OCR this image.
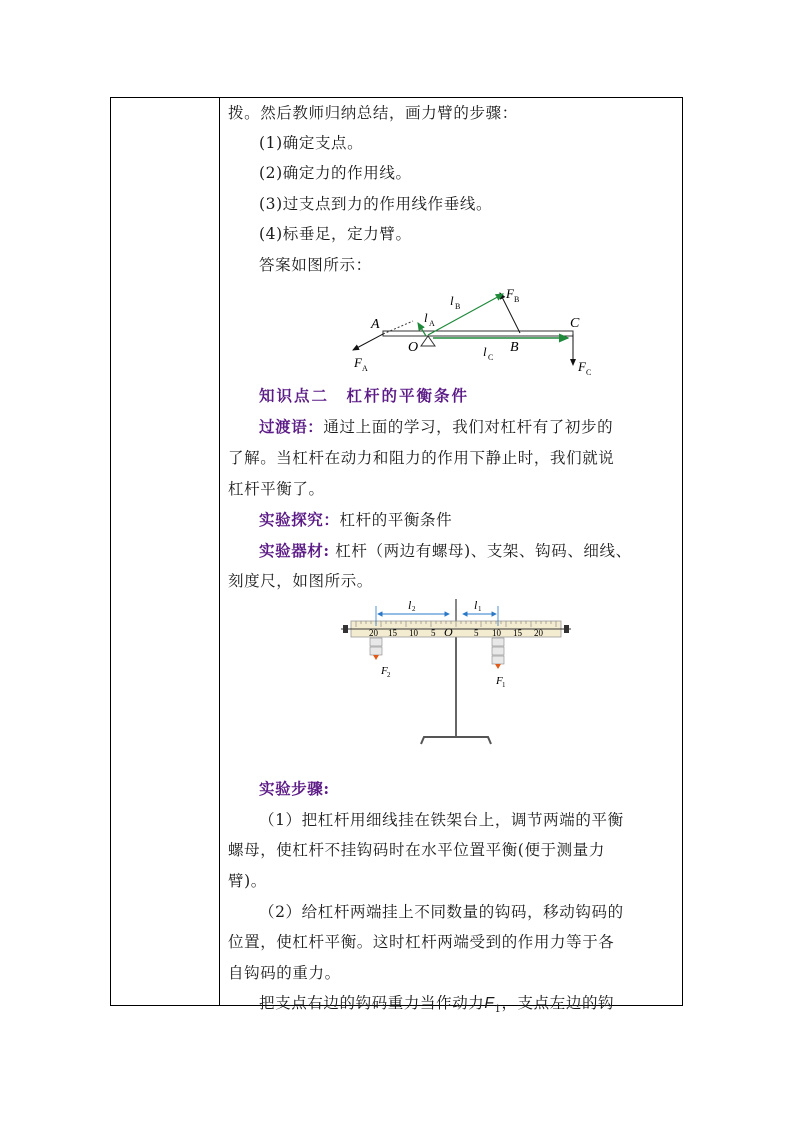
拨。然后教师归纳总结，画力臂的步骤：
(1)确定支点。
(2)确定力的作用线。
(3)过支点到力的作用线作垂线。
(4)标垂足，定力臂。
答案如图所示：
A
O	B
C
l A
l B
l C
F A
F B
F C
知识点二　杠杆的平衡条件
过渡语：通过上面的学习，我们对杠杆有了初步的
了解。当杠杆在动力和阻力的作用下静止时，我们就说
杠杆平衡了。
实验探究：杠杆的平衡条件
实验器材: 杠杆（两边有螺母)、支架、钩码、细线、
刻度尺，如图所示。
20 15 10 5 O 5 10 15 20
l 2	l 1
F 2	F 1
实验步骤:
（1）把杠杆用细线挂在铁架台上，调节两端的平衡
螺母，使杠杆不挂钩码时在水平位置平衡(便于测量力
臂)。
（2）给杠杆两端挂上不同数量的钩码，移动钩码的
位置，使杠杆平衡。这时杠杆两端受到的作用力等于各
自钩码的重力。
把支点右边的钩码重力当作动力$F_1$，支点左边的钩
